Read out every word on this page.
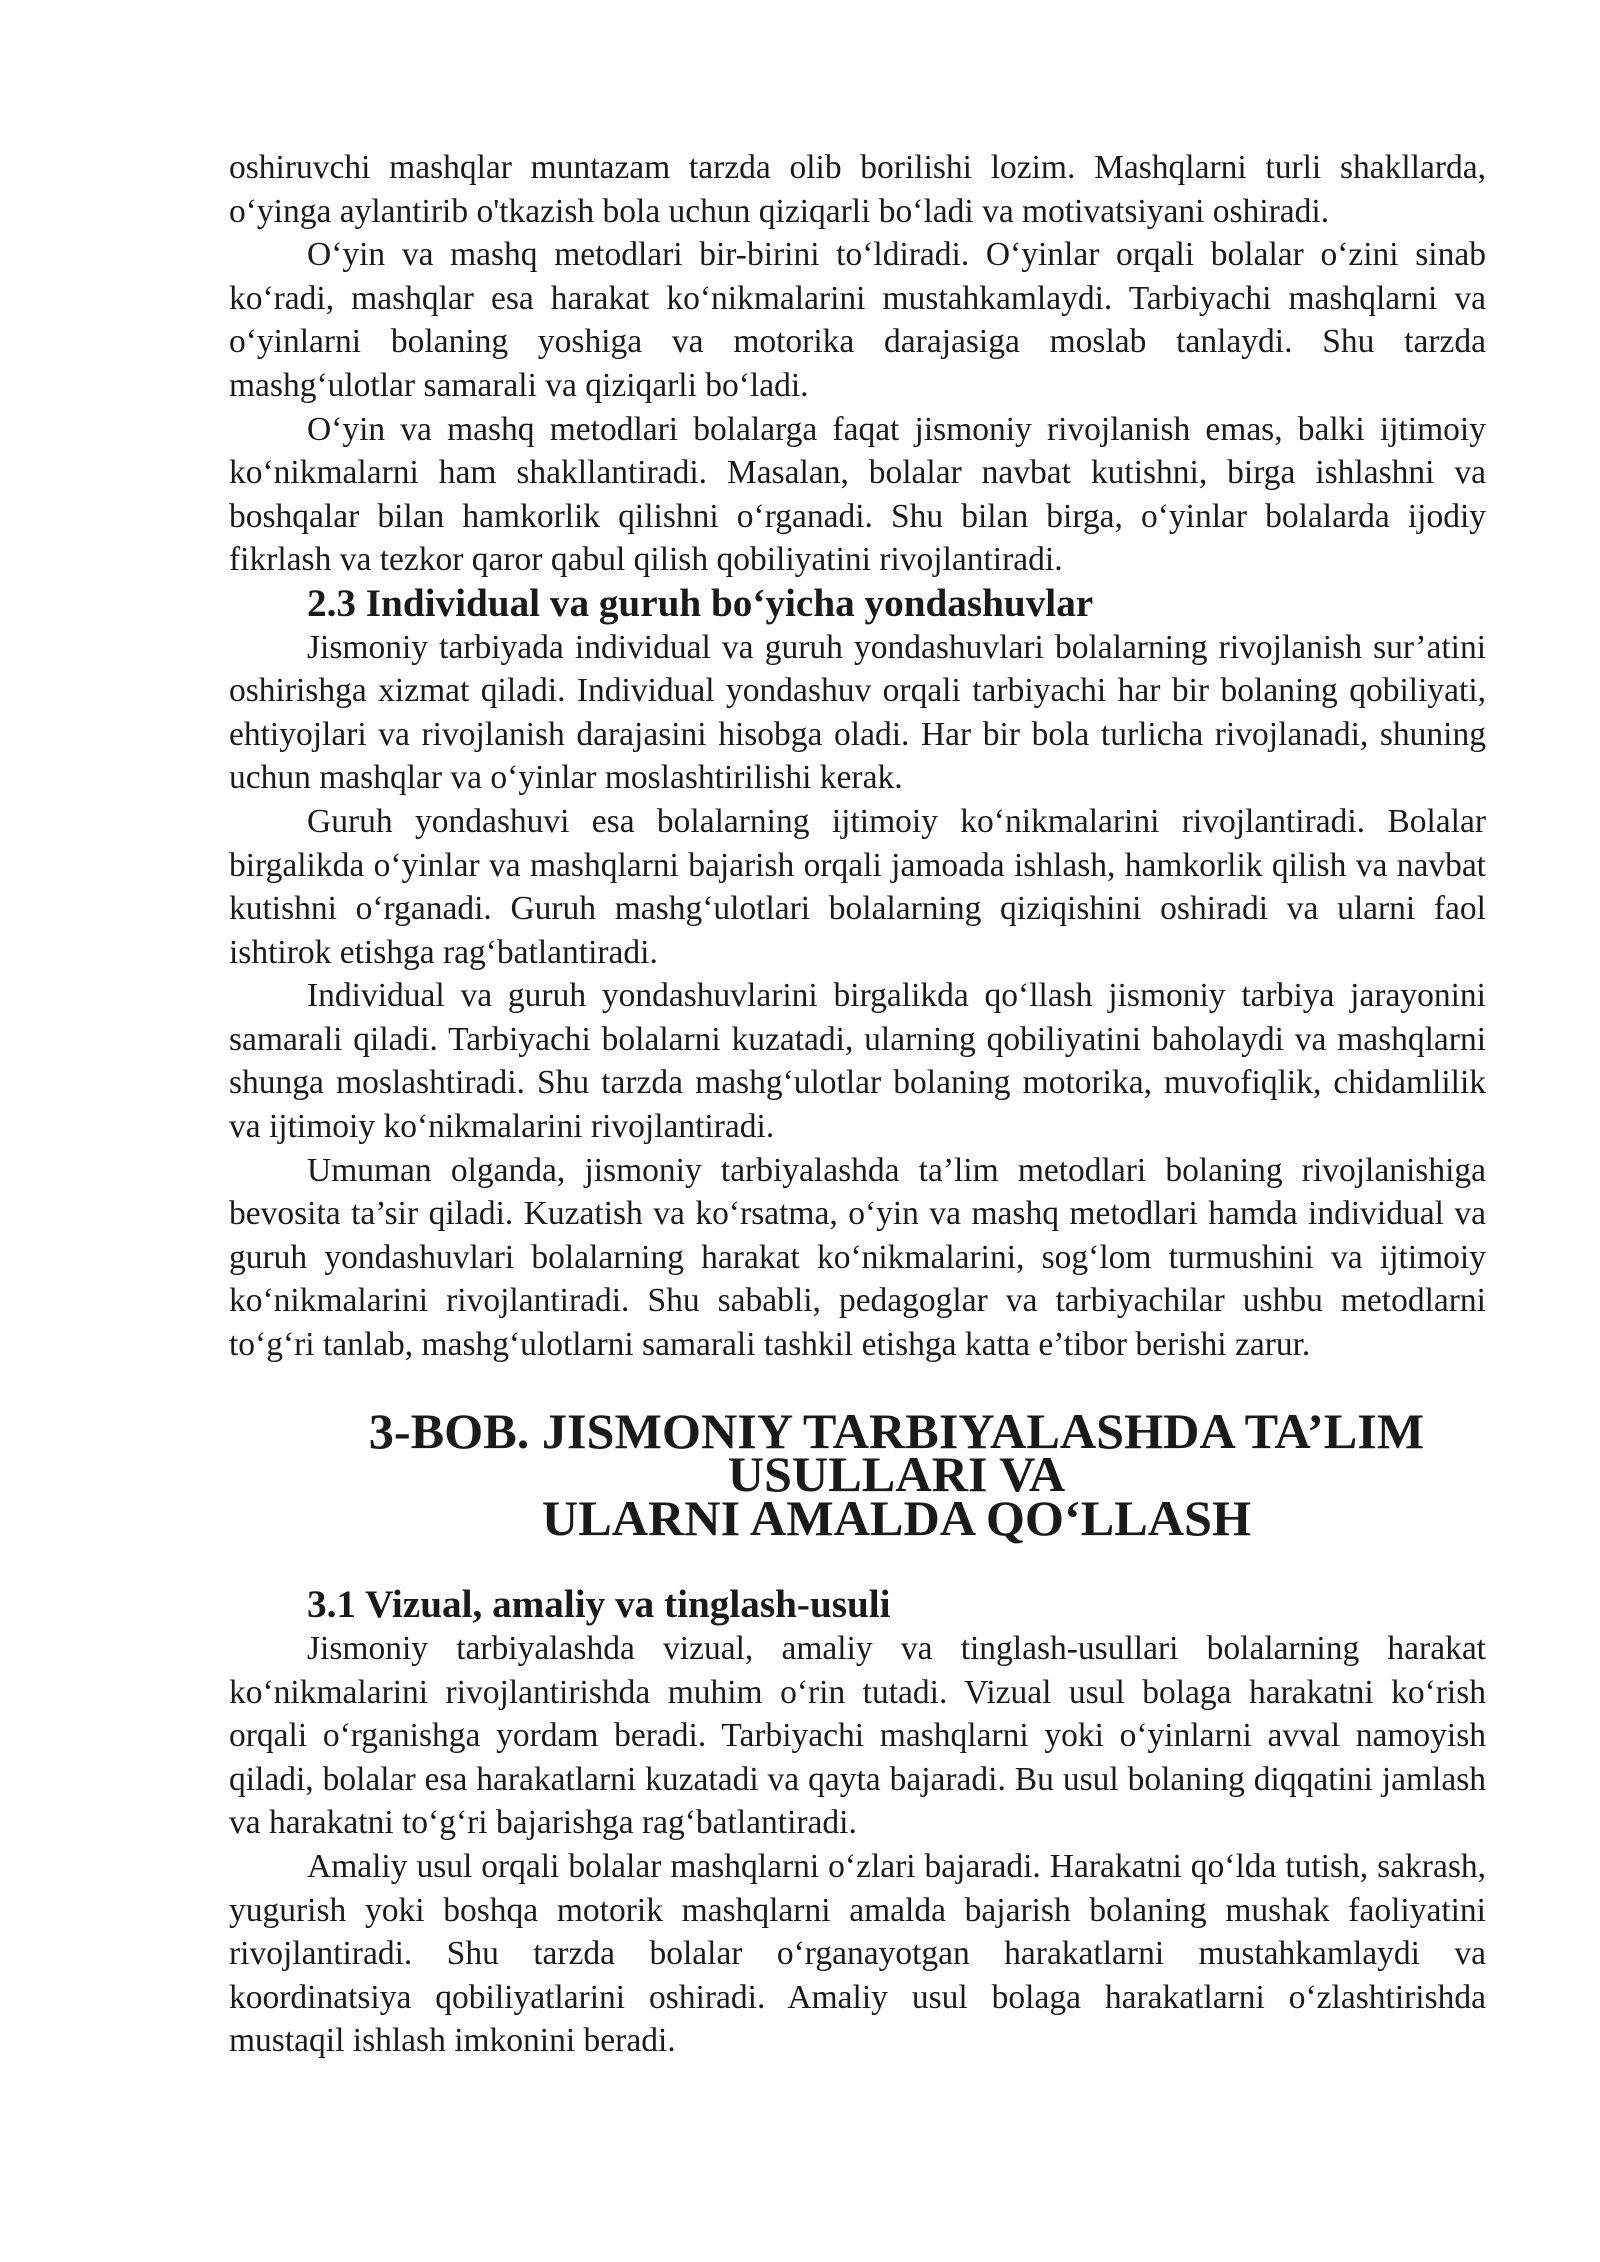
oshiruvchi mashqlar muntazam tarzda olib borilishi lozim. Mashqlarni turli shakllarda, o‘yinga aylantirib o'tkazish bola uchun qiziqarli bo‘ladi va motivatsiyani oshiradi.

O‘yin va mashq metodlari bir-birini to‘ldiradi. O‘yinlar orqali bolalar o‘zini sinab ko‘radi, mashqlar esa harakat ko‘nikmalarini mustahkamlaydi. Tarbiyachi mashqlarni va o‘yinlarni bolaning yoshiga va motorika darajasiga moslab tanlaydi. Shu tarzda mashg‘ulotlar samarali va qiziqarli bo‘ladi.

O‘yin va mashq metodlari bolalarga faqat jismoniy rivojlanish emas, balki ijtimoiy ko‘nikmalarni ham shakllantiradi. Masalan, bolalar navbat kutishni, birga ishlashni va boshqalar bilan hamkorlik qilishni o‘rganadi. Shu bilan birga, o‘yinlar bolalarda ijodiy fikrlash va tezkor qaror qabul qilish qobiliyatini rivojlantiradi.

2.3 Individual va guruh bo‘yicha yondashuvlar

Jismoniy tarbiyada individual va guruh yondashuvlari bolalarning rivojlanish sur’atini oshirishga xizmat qiladi. Individual yondashuv orqali tarbiyachi har bir bolaning qobiliyati, ehtiyojlari va rivojlanish darajasini hisobga oladi. Har bir bola turlicha rivojlanadi, shuning uchun mashqlar va o‘yinlar moslashtirilishi kerak.

Guruh yondashuvi esa bolalarning ijtimoiy ko‘nikmalarini rivojlantiradi. Bolalar birgalikda o‘yinlar va mashqlarni bajarish orqali jamoada ishlash, hamkorlik qilish va navbat kutishni o‘rganadi. Guruh mashg‘ulotlari bolalarning qiziqishini oshiradi va ularni faol ishtirok etishga rag‘batlantiradi.

Individual va guruh yondashuvlarini birgalikda qo‘llash jismoniy tarbiya jarayonini samarali qiladi. Tarbiyachi bolalarni kuzatadi, ularning qobiliyatini baholaydi va mashqlarni shunga moslashtiradi. Shu tarzda mashg‘ulotlar bolaning motorika, muvofiqlik, chidamlilik va ijtimoiy ko‘nikmalarini rivojlantiradi.

Umuman olganda, jismoniy tarbiyalashda ta’lim metodlari bolaning rivojlanishiga bevosita ta’sir qiladi. Kuzatish va ko‘rsatma, o‘yin va mashq metodlari hamda individual va guruh yondashuvlari bolalarning harakat ko‘nikmalarini, sog‘lom turmushini va ijtimoiy ko‘nikmalarini rivojlantiradi. Shu sababli, pedagoglar va tarbiyachilar ushbu metodlarni to‘g‘ri tanlab, mashg‘ulotlarni samarali tashkil etishga katta e’tibor berishi zarur.

3-BOB. JISMONIY TARBIYALASHDA TA’LIM USULLARI VA
ULARNI AMALDA QO‘LLASH
3.1 Vizual, amaliy va tinglash-usuli

Jismoniy tarbiyalashda vizual, amaliy va tinglash-usullari bolalarning harakat ko‘nikmalarini rivojlantirishda muhim o‘rin tutadi. Vizual usul bolaga harakatni ko‘rish orqali o‘rganishga yordam beradi. Tarbiyachi mashqlarni yoki o‘yinlarni avval namoyish qiladi, bolalar esa harakatlarni kuzatadi va qayta bajaradi. Bu usul bolaning diqqatini jamlash va harakatni to‘g‘ri bajarishga rag‘batlantiradi.

Amaliy usul orqali bolalar mashqlarni o‘zlari bajaradi. Harakatni qo‘lda tutish, sakrash, yugurish yoki boshqa motorik mashqlarni amalda bajarish bolaning mushak faoliyatini rivojlantiradi. Shu tarzda bolalar o‘rganayotgan harakatlarni mustahkamlaydi va koordinatsiya qobiliyatlarini oshiradi. Amaliy usul bolaga harakatlarni o‘zlashtirishda mustaqil ishlash imkonini beradi.
